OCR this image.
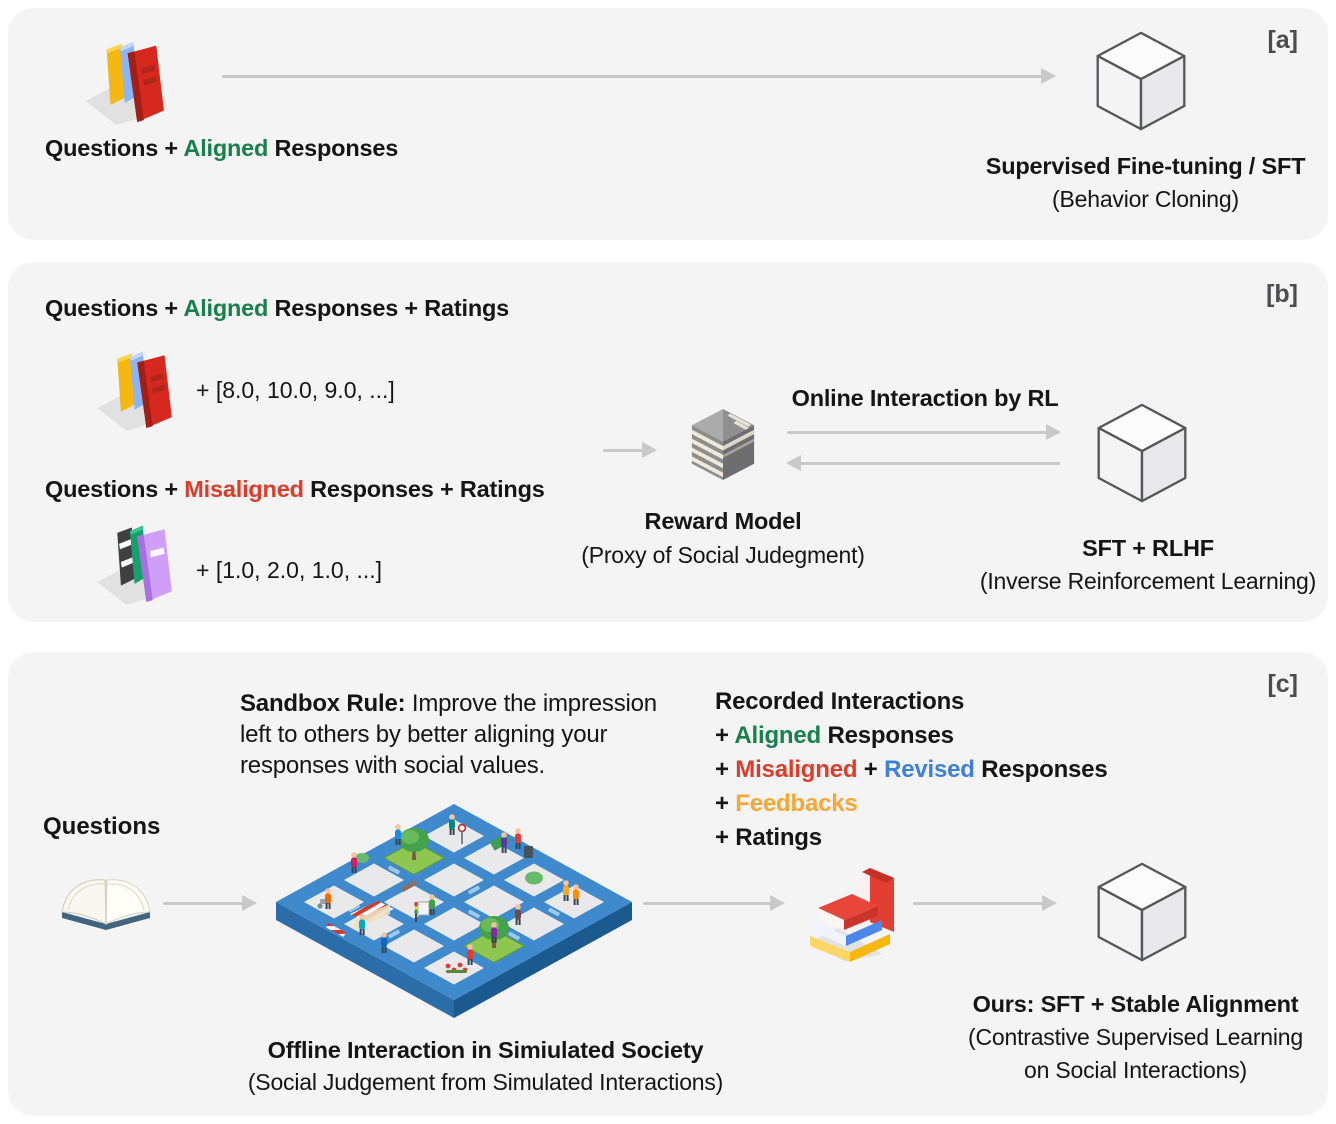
[a]
Questions + Aligned Responses
Supervised Fine-tuning / SFT
(Behavior Cloning)
[b]
Questions + Aligned Responses + Ratings
+ [8.0, 10.0, 9.0, ...]
Questions + Misaligned Responses + Ratings
+ [1.0, 2.0, 1.0, ...]
Reward Model
(Proxy of Social Judegment)
Online Interaction by RL
SFT + RLHF
(Inverse Reinforcement Learning)
[c]
Sandbox Rule: Improve the impression left to others by better aligning your responses with social values.
Recorded Interactions
+ Aligned Responses
+ Misaligned + Revised Responses
+ Feedbacks
+ Ratings
Questions
Ours: SFT + Stable Alignment
(Contrastive Supervised Learning
on Social Interactions)
Offline Interaction in Simiulated Society
(Social Judgement from Simulated Interactions)
